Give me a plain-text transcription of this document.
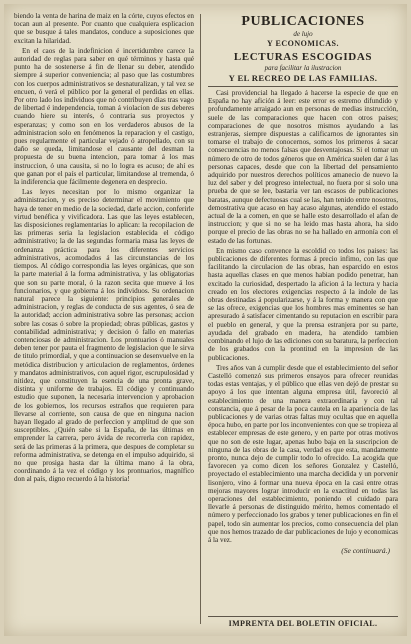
biendo la venta de harina de maiz en la córte, cuyos efectos en tocan aun al presente. Por cuanto que cualquiera esplicacion que se busque á tales mandatos, conduce a suposiciones que excitan la hilaridad.

En el caos de la indefinicion é incertidumbre carece la autoridad de reglas para saber en qué términos y hasta qué punto ha de sostenerse á fin de llenar su deber, atendido siempre á superior conveniencia; al paso que las costumbres con los cuerpos administrativos se desnaturalizan, y tal vez se encuen, ó verá el público por la general el perdidas en ellas. Por otro lado los individuos que nó contribuyen dias tras vago de libertad é independencia, toman á violacion de sus deberes cuando hiere su interés, ó contraria sus proyectos y esperanzas; y como son en los verdaderos abusos de la administracion solo en fenómenos la reparacion y el castigo, pues regularmente el particular vejado ó atropellado, con su daño se queda, limitandose el causante del desman la propuesta de su buena intencion, para tomar á los mas instruccion, ó una causita, si no lo logra es acuso; de ahí es que ganan por el país el particular, limitandose al tremenda, ó la indiferencia que fácilmente degenera en desprecio.

Las leyes necesitan por lo mismo organizar la administracion, y es preciso determinar el movimiento que haya de tener en medio de la sociedad, darle accion, conferirle virtud benéfica y vivificadora. Las que las leyes establecen, las disposiciones reglamentarias lo aplican: la recopilacion de las primeras seria la legislacion establecida el código administrativo; la de las segundas formaria masa las leyes de ordenanza práctica para los diferentes servicios administrativos, acomodados á las circunstancias de los tiempos. Al código correspondia las leyes orgánicas, que son la parte material á la forma administrativa, y las obligatorias que son su parte moral, ó la razon secita que mueve á los funcionarios, y que gobierna á los individuos. Su ordenacion natural parece la siguiente: principios generales de administracion, y reglas de conducta de sus agentes, ó sea de la autoridad; accion administrativa sobre las personas; accion sobre las cosas ó sobre la propiedad; obras públicas, gastos y contabilidad administrativa; y decision ó fallo en materias contenciosas de administracion. Los prontuarios ó manuales deben tener por pauta el fragmento de legislacion que le sirva de titulo primordial, y que a continuacion se desenvuelve en la metódica distribucion y articulacion de reglamentos, órdenes y mandatos administrativos, con aquel rigor, escrupulosidad y nitidez, que constituyen la esencia de una pronta grave, distinta y uniforme de trabajos. El código y continuando estudio que suponen, la necesaria intervencion y aprobacion de los gobiernos, los recursos estraños que requieren para llevarse al corriente, son causa de que en ninguna nacion hayan llegado al grado de perfeccion y amplitud de que son susceptibles. ¿Quién sabe si la España, de las últimas en emprender la carrera, pero ávida de recorrerla con rapidez, será de las primeras á la primera, que despues de completar su reforma administrativa, se detenga en el impulso adquirido, si no que prosiga hasta dar la última mano á la obra, coordinando á la vez el código y los prontuarios, magnífico don al país, digno recuerdo á la historia!

PUBLICACIONES
de lujo
Y ECONOMICAS.
LECTURAS ESCOGIDAS
para facilitar la ilustracion
Y EL RECREO DE LAS FAMILIAS.

Casi providencial ha llegado á hacerse la especie de que en España no hay afición á leer: este error es estremo difundido y profundamente arraigado aun en personas de medias instrucción, suele de las comparaciones que hacen con otros paises; comparaciones de que nosotros mismos ayudando a las estranjeras, siempre dispuestas a calificarnos de ignorantes sin tomarse el trabajo de conocernos, somos los primeros á sacar consecuencias no menos falsas que desventajosas. Si el tomar un número de otro de todos géneros que en América suelen dar á las personas capaces, desde que con la libertad del pensamiento adquirido por nuestros derechos políticos amanecio de nuevo la luz del saber y del progreso intelectual, no fuera por si solo una prueba de que se lee, bastaria ver tan escasos de publicaciones baratas, aunque defectuosas cual se las, han tenido entre nosotros, demostrativa que acaso en hay acaso algunas, atendido el estado actual de la a comen, en que se halle esto desarrollado el afan de instruccion; y que si no se ha leido mas hasta ahora, ha sido porque el precio de las obras no se ha hallado en armonía con el estado de las fortunas.

En mismo caso convence la escoldid co todos los paises: las publicaciones de diferentes formas á precio infimo, con las que facilitando la circulacion de las obras, han esparcido en estos hasta aquellas clases en que menos habian podido penetrar, han excitado la curiosidad, despertado la aficion á la lectura y hacia creado en los electores exigencias respecto á la indole de las obras destinadas á popularizarse, y á la forma y manera con que se las ofrece, exigencias que los hombres mas eminentes se han apresurado á satisfacer cimentando su reputacion en escribir para el pueblo en general, y que la prensa estranjera por su parte, ayudada del grabado en madera, ha atendido tambien combinando el lujo de las ediciones con su baratura, la perfeccion de los grabados con la prontitud en la impresion de las publicaciones.

Tres años van á cumplir desde que el establecimiento del señor Castelló comenzó sus primeros ensayos para ofrecer reunidas todas estas ventajas, y el público que ellas ven dejó de prestar su apoyo á los que intentan alguna empresa útil, favoreció al establecimiento de una manera extraordinaria y con tal constancia, que á pesar de la poca cautela en la apariencia de las publicaciones y de varias otras faltas muy ocultas que en aquella época hubo, en parte por los inconvenientes con que se tropieza al establecer empresas de este genero, y en parte por otras motivos que no son de este lugar, apenas hubo baja en la suscripcion de ninguna de las obras de la casa, verdad es que esta, mandamente pronto, nunca dejo de cumplir todo lo ofrecido. La acogida que favorecen ya como dicen los señores Gonzalez y Castelló, proyectado el establecimiento una marcha decidida y un porvenir lisonjero, vino á formar una nueva época en la casi entre otras mejoras mayores lograr introducir en la exactitud en todas las operaciones del establecimiento, poniendo el cuidado para llevarle á personas de distinguido mérito, hemos comentado el número y perfeccionado los grabos y tener publicaciones en fin el papel, todo sin aumentar los precios, como consecuencia del plan que nos hemos trazado de dar publicaciones de lujo y economicas á la vez.

(Se continuará.)
IMPRENTA DEL BOLETIN OFICIAL.
